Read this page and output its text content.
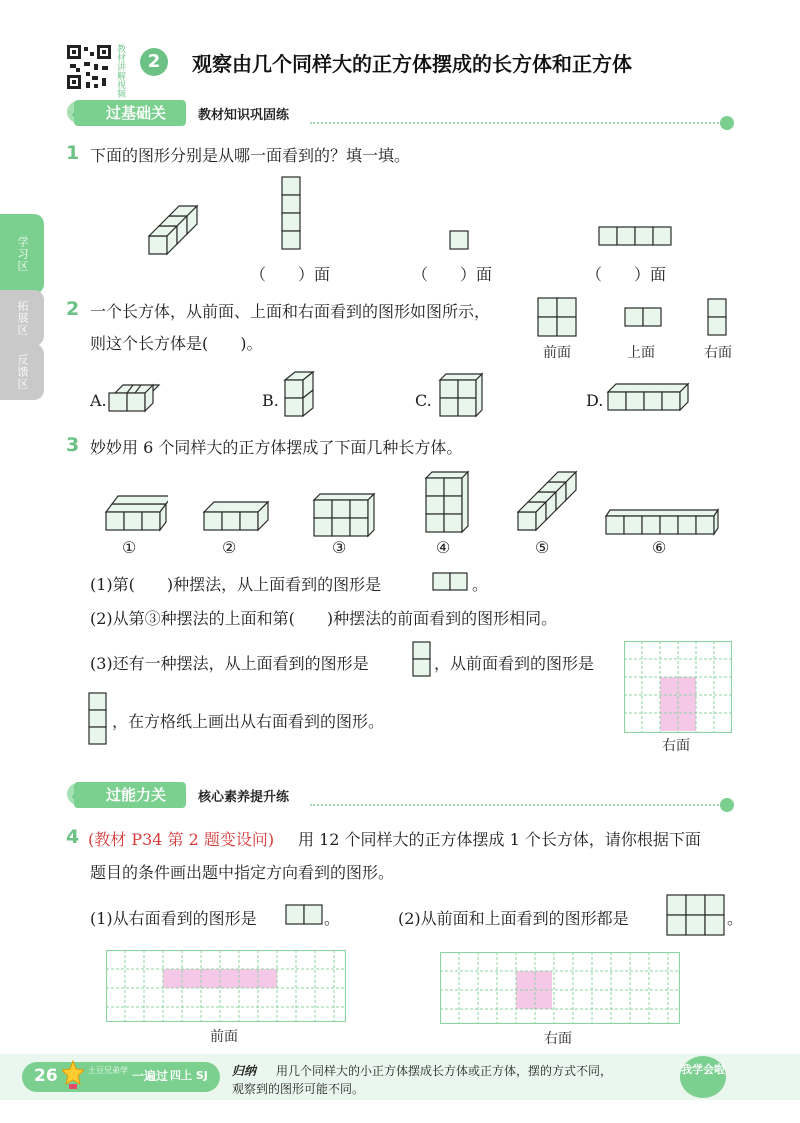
教材讲解视频	2	观察由几个同样大的正方体摆成的长方体和正方体
学习区
拓展区
反馈区
过基础关	教材知识巩固练
1 下面的图形分别是从哪一面看到的？填一填。
（　　）面	（　　）面	（　　）面
2 一个长方体，从前面、上面和右面看到的图形如图所示，
则这个长方体是(　　)。	前面	上面	右面
A.	B.	C.	D.
3 妙妙用 6 个同样大的正方体摆成了下面几种长方体。
①	②	③	④	⑤	⑥
(1)第(　　)种摆法，从上面看到的图形是	。
(2)从第③种摆法的上面和第(　　)种摆法的前面看到的图形相同。
(3)还有一种摆法，从上面看到的图形是	，从前面看到的图形是
，在方格纸上画出从右面看到的图形。
右面
过能力关	核心素养提升练
4 (教材 P34 第 2 题变设问) 用 12 个同样大的正方体摆成 1 个长方体，请你根据下面
题目的条件画出题中指定方向看到的图形。
(1)从右面看到的图形是	。	(2)从前面和上面看到的图形都是	。
前面	右面
26	土豆兄弟学 一遍过 四上 SJ 归纳 用几个同样大的小正方体摆成长方体或正方体，摆的方式不同，
观察到的图形可能不同。
我学会啦
